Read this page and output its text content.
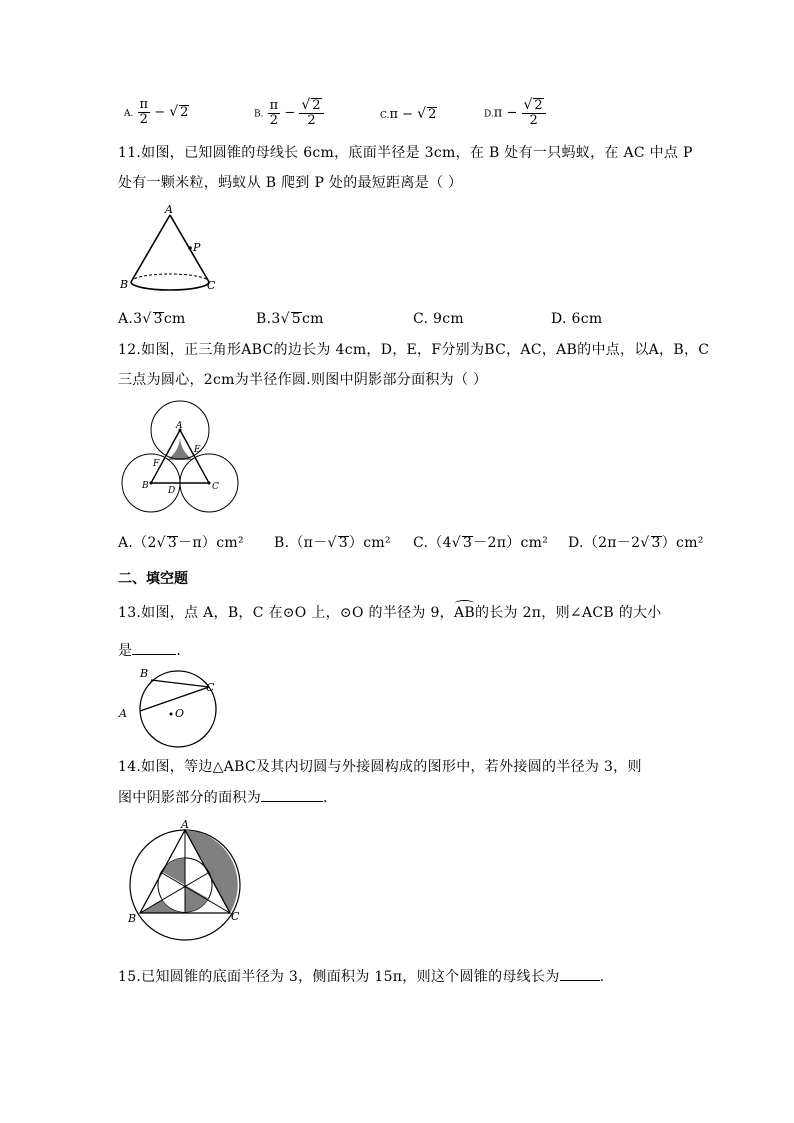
A. $\frac{\pi}{2}$ − √ 2	B. $\frac{\pi}{2} - \frac{√ 2}{2}$	C.π − √ 2	$D.\pi - \frac{√ 2}{2}$
11.如图，已知圆锥的母线长 6cm，底面半径是 3cm，在 B 处有一只蚂蚁，在 AC 中点 P
处有一颗米粒，蚂蚁从 B 爬到 P 处的最短距离是（ ）
A
P
B	C
A.3√ 3cm	B.3√ 5cm	C. 9cm	D. 6cm
12.如图，正三角形ABC的边长为 4cm，D，E，F分别为BC，AC，AB的中点，以A，B，C
三点为圆心，2cm为半径作圆.则图中阴影部分面积为（ ）
A
E
F
B D	C
A.（2√ 3－π）cm² B.（π－√ 3）cm² C.（4√ 3－2π）cm² D.（2π－2√ 3）cm²
二、填空题
13.如图，点 A，B，C 在⊙O 上，⊙O 的半径为 9，
AB的长为 2π，则∠ACB 的大小
是	.
B
C
A	O
14.如图，等边△ABC及其内切圆与外接圆构成的图形中，若外接圆的半径为 3，则
图中阴影部分的面积为	.
A
B	C
15.已知圆锥的底面半径为 3，侧面积为 15π，则这个圆锥的母线长为	.
